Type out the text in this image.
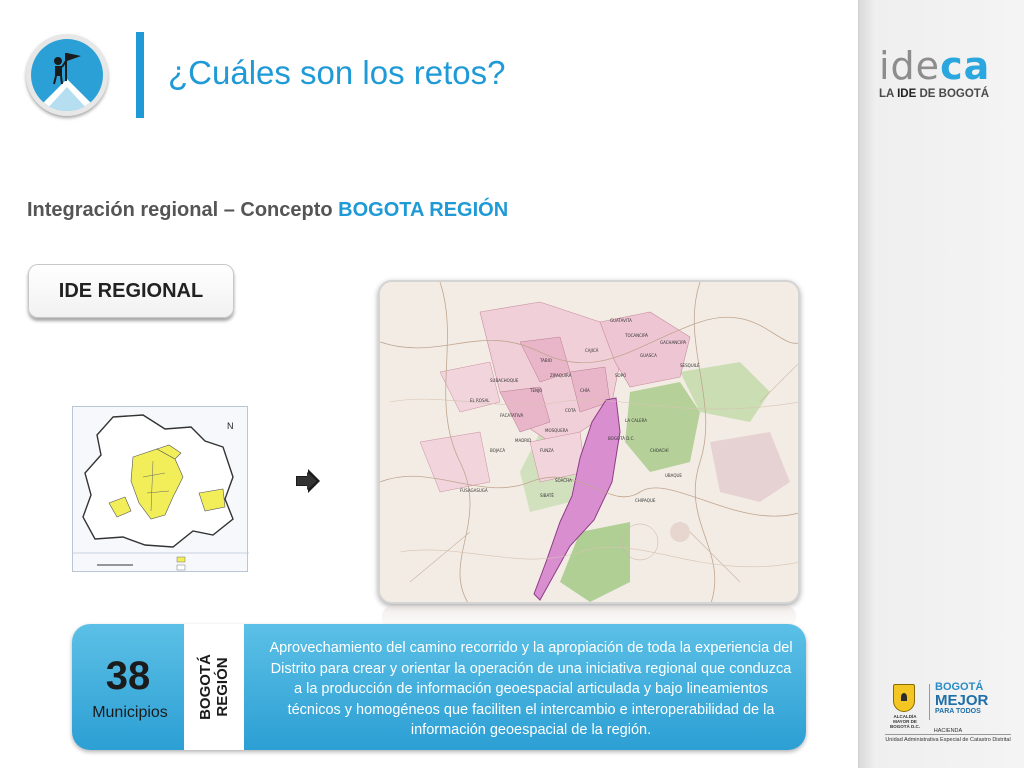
¿Cuáles son los retos?
Integración regional – Concepto BOGOTA REGIÓN
IDE REGIONAL
N
BOGOTÁ D.C.
ZIPAQUIRÁ
CHÍA
FACATATIVÁ
MOSQUERA
SOACHA
LA CALERA
CHOACHÍ
FUSAGASUGÁ
GUASCA
SOPÓ
SUBACHOQUE
CAJICÁ
TOCANCIPÁ
GACHANCIPÁ
SESQUILÉ
GUATAVITA
MADRID
FUNZA
BOJACÁ
EL ROSAL
TENJO
TABIO
COTA
SIBATÉ
UBAQUE
CHIPAQUE
38
Municipios	BOGOTÁ REGIÓN
Aprovechamiento del camino recorrido y la apropiación de toda la experiencia del Distrito para crear y orientar la operación de una iniciativa regional que conduzca a la producción de información geoespacial articulada y bajo lineamientos técnicos y homogéneos que faciliten el intercambio e interoperabilidad de la información geoespacial de la región.
ideca
LA IDE DE BOGOTÁ
ALCALDÍA MAYOR DE BOGOTÁ D.C.
BOGOTÁ
MEJOR
PARA TODOS
HACIENDA
Unidad Administrativa Especial de Catastro Distrital
